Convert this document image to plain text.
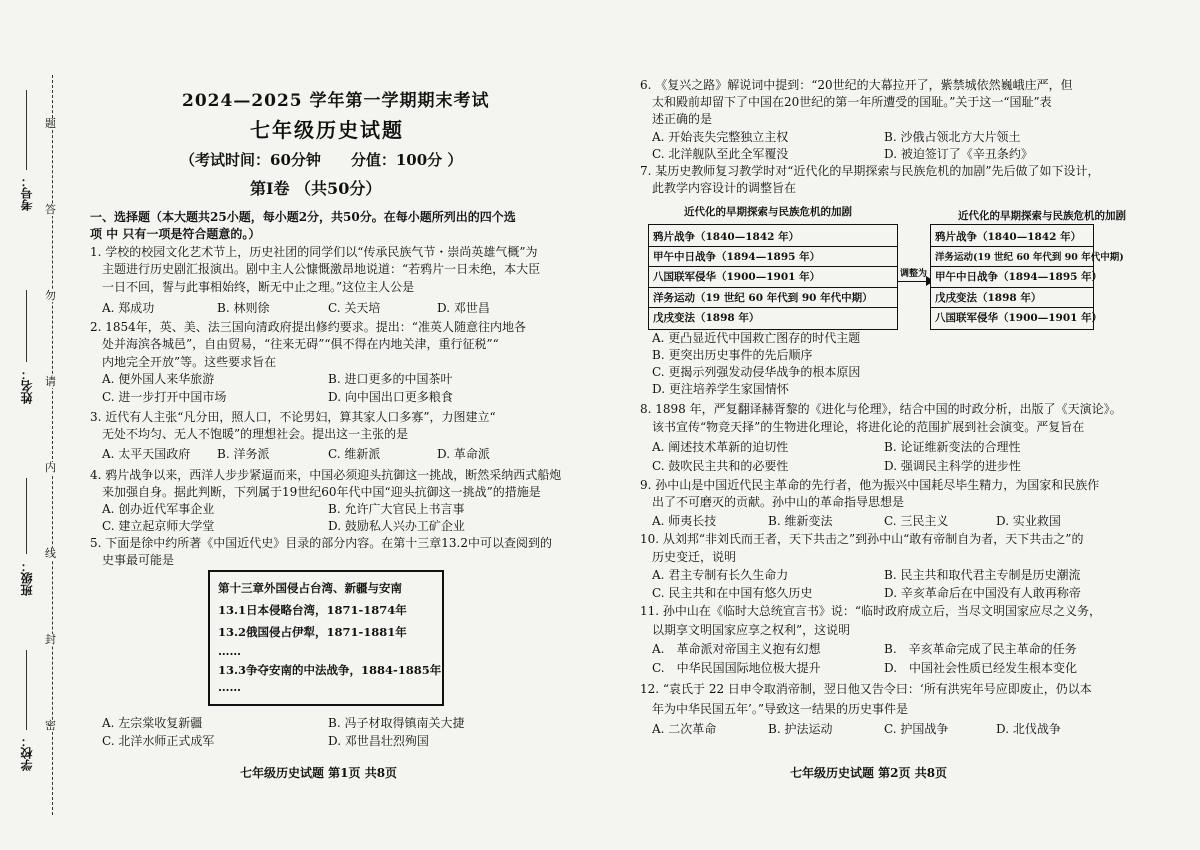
题
答
勿
请
内
线
封
密
考号：
姓名：
班级：
学校：
2024—2025 学年第一学期期末考试
七年级历史试题
（考试时间：60分钟　　分值：100分 ）
第Ⅰ卷 （共50分）
一、选择题（本大题共25小题，每小题2分，共50分。在每小题所列出的四个选
项 中 只有一项是符合题意的。）
1. 学校的校园文化艺术节上，历史社团的同学们以“传承民族气节・崇尚英雄气概”为
主题进行历史剧汇报演出。剧中主人公慷慨激昂地说道：“若鸦片一日未绝，本大臣
一日不回，誓与此事相始终，断无中止之理。”这位主人公是
A. 郑成功	B. 林则徐	C. 关天培	D. 邓世昌
2. 1854年，英、美、法三国向清政府提出修约要求。提出：“准英人随意往内地各
处并海滨各城邑”，自由贸易，“往来无碍”“俱不得在内地关津，重行征税”“
内地完全开放”等。这些要求旨在
A. 便外国人来华旅游	B. 进口更多的中国茶叶
C. 进一步打开中国市场	D. 向中国出口更多粮食
3. 近代有人主张“凡分田，照人口，不论男妇，算其家人口多寡”，力图建立“
无处不均匀、无人不饱暖”的理想社会。提出这一主张的是
A. 太平天国政府 B. 洋务派	C. 维新派	D. 革命派
4. 鸦片战争以来，西洋人步步紧逼而来，中国必须迎头抗御这一挑战，断然采纳西式船炮
来加强自身。据此判断，下列属于19世纪60年代中国“迎头抗御这一挑战”的措施是
A. 创办近代军事企业	B. 允许广大官民上书言事
C. 建立起京师大学堂	D. 鼓励私人兴办工矿企业
5. 下面是徐中约所著《中国近代史》目录的部分内容。在第十三章13.2中可以查阅到的
史事最可能是
第十三章外国侵占台湾、新疆与安南
13.1日本侵略台湾，1871-1874年
13.2俄国侵占伊犁，1871-1881年
……
13.3争夺安南的中法战争，1884-1885年
……
A. 左宗棠收复新疆	B. 冯子材取得镇南关大捷
C. 北洋水师正式成军	D. 邓世昌壮烈殉国
七年级历史试题 第1页 共8页
6. 《复兴之路》解说词中提到：“20世纪的大幕拉开了，紫禁城依然巍峨庄严，但
太和殿前却留下了中国在20世纪的第一年所遭受的国耻。”关于这一“国耻”表
述正确的是
A. 开始丧失完整独立主权	B. 沙俄占领北方大片领土
C. 北洋舰队至此全军覆没	D. 被迫签订了《辛丑条约》
7. 某历史教师复习教学时对“近代化的早期探索与民族危机的加剧”先后做了如下设计，
此教学内容设计的调整旨在
近代化的早期探索与民族危机的加剧	近代化的早期探索与民族危机的加剧
鸦片战争（1840—1842 年）
甲午中日战争（1894—1895 年）
八国联军侵华（1900—1901 年）
洋务运动（19 世纪 60 年代到 90 年代中期）
戊戌变法（1898 年）
调整为
鸦片战争（1840—1842 年）
洋务运动(19 世纪 60 年代到 90 年代中期)
甲午中日战争（1894—1895 年）
戊戌变法（1898 年）
八国联军侵华（1900—1901 年）
A. 更凸显近代中国救亡图存的时代主题
B. 更突出历史事件的先后顺序
C. 更揭示列强发动侵华战争的根本原因
D. 更注培养学生家国情怀
8. 1898 年，严复翻译赫胥黎的《进化与伦理》，结合中国的时政分析，出版了《天演论》。
该书宣传“物竞天择”的生物进化理论，将进化论的范围扩展到社会演变。严复旨在
A. 阐述技术革新的迫切性	B. 论证维新变法的合理性
C. 鼓吹民主共和的必要性	D. 强调民主科学的进步性
9. 孙中山是中国近代民主革命的先行者，他为振兴中国耗尽毕生精力，为国家和民族作
出了不可磨灭的贡献。孙中山的革命指导思想是
A. 师夷长技	B. 维新变法	C. 三民主义	D. 实业救国
10. 从刘邦“非刘氏而王者，天下共击之”到孙中山“敢有帝制自为者，天下共击之”的
历史变迁，说明
A. 君主专制有长久生命力	B. 民主共和取代君主专制是历史潮流
C. 民主共和在中国有悠久历史	D. 辛亥革命后在中国没有人敢再称帝
11. 孙中山在《临时大总统宣言书》说：“临时政府成立后，当尽文明国家应尽之义务，
以期享文明国家应享之权利”，这说明
A.　革命派对帝国主义抱有幻想	B.　辛亥革命完成了民主革命的任务
C.　中华民国国际地位极大提升	D.　中国社会性质已经发生根本变化
12. “袁氏于 22 日申令取消帝制，翌日他又告令曰：‘所有洪宪年号应即废止，仍以本
年为中华民国五年’。”导致这一结果的历史事件是
A. 二次革命	B. 护法运动	C. 护国战争	D. 北伐战争
七年级历史试题 第2页 共8页
